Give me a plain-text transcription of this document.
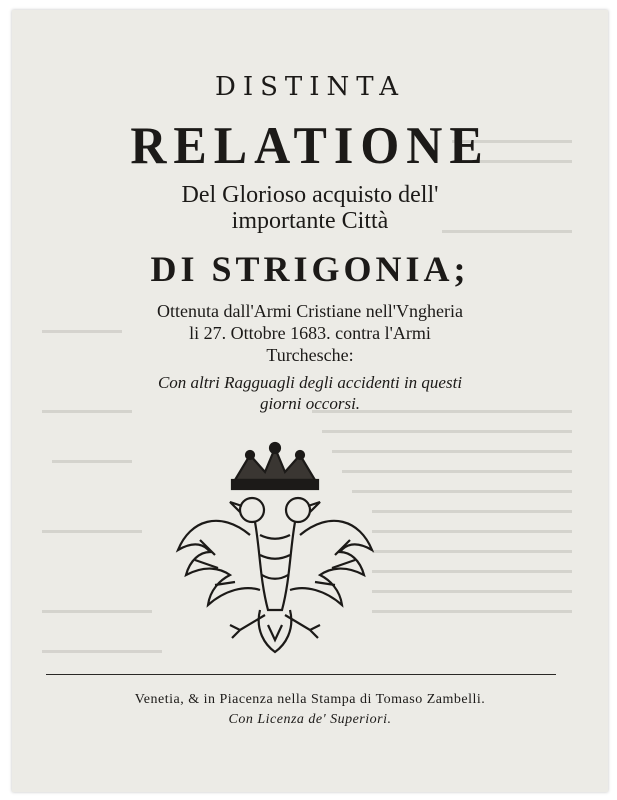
DISTINTA
RELATIONE
Del Glorioso acquisto dell'
importante Città
DI STRIGONIA;
Ottenuta dall'Armi Cristiane nell'Vngheria
li 27. Ottobre 1683. contra l'Armi
Turchesche:
Con altri Ragguagli degli accidenti in questi
giorni occorsi.
Venetia, & in Piacenza nella Stampa di Tomaso Zambelli.
Con Licenza de' Superiori.
